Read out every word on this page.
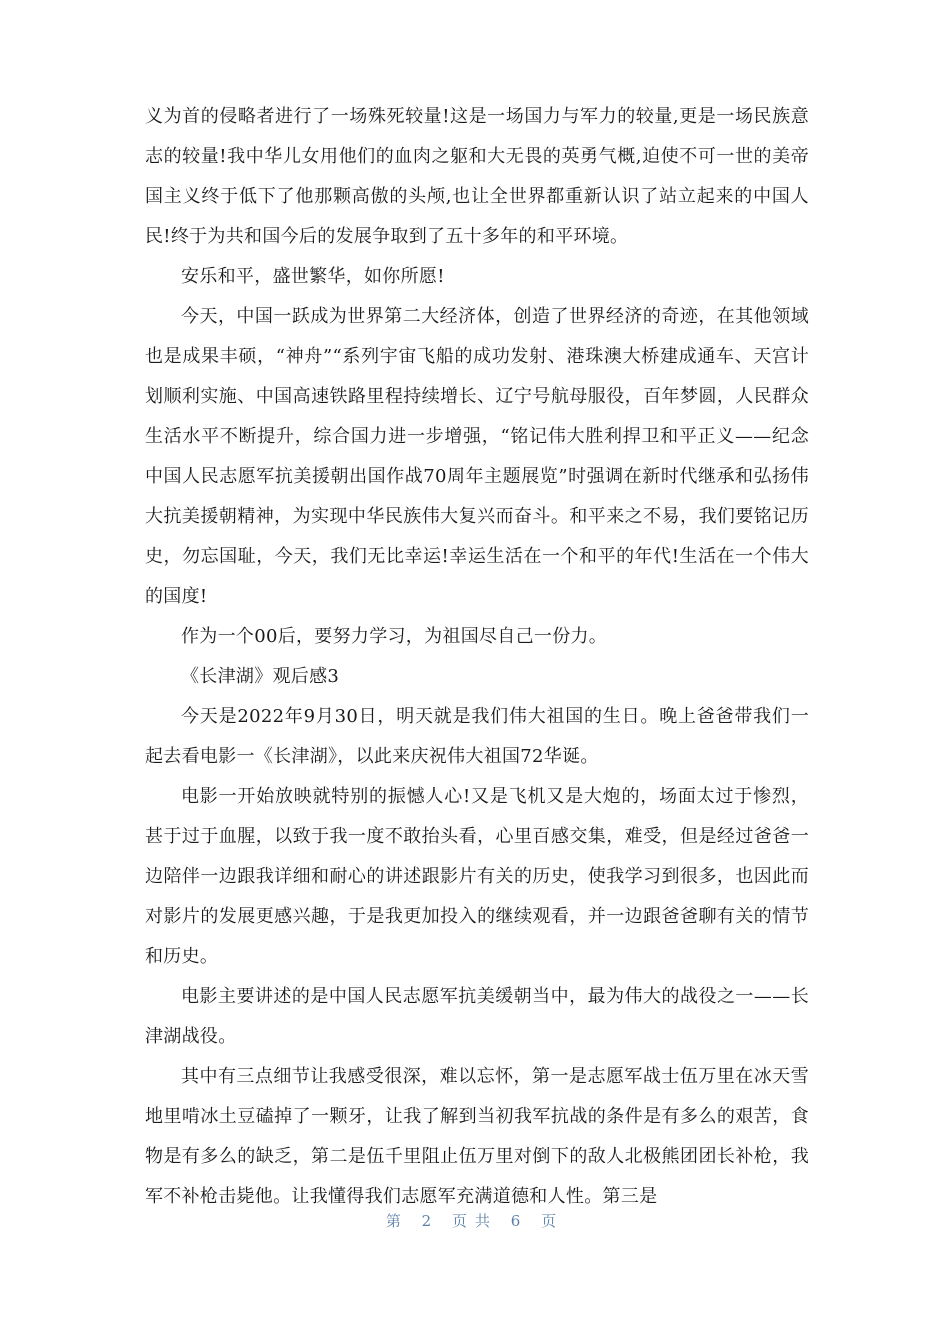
义为首的侵略者进行了一场殊死较量!这是一场国力与军力的较量,更是一场民族意志的较量!我中华儿女用他们的血肉之躯和大无畏的英勇气概,迫使不可一世的美帝国主义终于低下了他那颗高傲的头颅,也让全世界都重新认识了站立起来的中国人民!终于为共和国今后的发展争取到了五十多年的和平环境。

安乐和平，盛世繁华，如你所愿!

今天，中国一跃成为世界第二大经济体，创造了世界经济的奇迹，在其他领域也是成果丰硕，“神舟”“系列宇宙飞船的成功发射、港珠澳大桥建成通车、天宫计划顺利实施、中国高速铁路里程持续增长、辽宁号航母服役，百年梦圆，人民群众生活水平不断提升，综合国力进一步增强，“铭记伟大胜利捍卫和平正义——纪念中国人民志愿军抗美援朝出国作战70周年主题展览”时强调在新时代继承和弘扬伟大抗美援朝精神，为实现中华民族伟大复兴而奋斗。和平来之不易，我们要铭记历史，勿忘国耻，今天，我们无比幸运!幸运生活在一个和平的年代!生活在一个伟大的国度!

作为一个00后，要努力学习，为祖国尽自己一份力。

《长津湖》观后感3

今天是2022年9月30日，明天就是我们伟大祖国的生日。晚上爸爸带我们一起去看电影一《长津湖》，以此来庆祝伟大祖国72华诞。

电影一开始放映就特别的振憾人心!又是飞机又是大炮的，场面太过于惨烈，甚于过于血腥，以致于我一度不敢抬头看，心里百感交集，难受，但是经过爸爸一边陪伴一边跟我详细和耐心的讲述跟影片有关的历史，使我学习到很多，也因此而对影片的发展更感兴趣，于是我更加投入的继续观看，并一边跟爸爸聊有关的情节和历史。

电影主要讲述的是中国人民志愿军抗美缓朝当中，最为伟大的战役之一——长津湖战役。

其中有三点细节让我感受很深，难以忘怀，第一是志愿军战士伍万里在冰天雪地里啃冰土豆磕掉了一颗牙，让我了解到当初我军抗战的条件是有多么的艰苦，食物是有多么的缺乏，第二是伍千里阻止伍万里对倒下的敌人北极熊团团长补枪，我军不补枪击毙他。让我懂得我们志愿军充满道德和人性。第三是

第 2 页共 6 页
